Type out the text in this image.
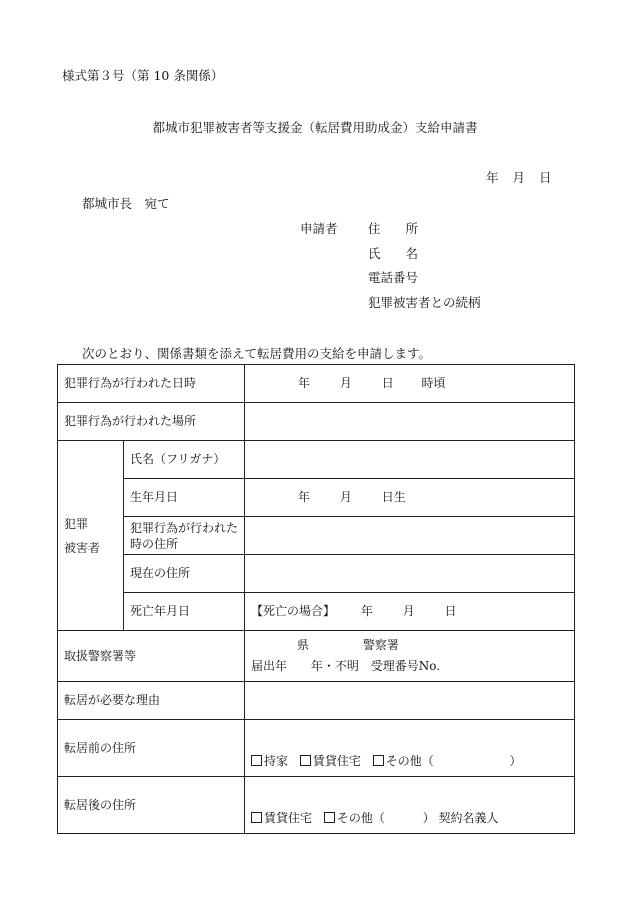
様式第３号（第 10 条関係）
都城市犯罪被害者等支援金（転居費用助成金）支給申請書
年 月 日
都城市長　宛て
申請者 住　　所
氏　　名
電話番号
犯罪被害者との続柄
次のとおり、関係書類を添えて転居費用の支給を申請します。
犯罪行為が行われた日時		年 月 日 時頃
犯罪行為が行われた場所		
犯罪
被害者	氏名（フリガナ）	
	生年月日	年 月 日生
	犯罪行為が行われた時の住所	
	現在の住所	
	死亡年月日	【死亡の場合】 年 月 日
取扱警察署等		県 警察署
届出年 年・不明 受理番号No.

転居が必要な理由		
転居前の住所		持家 賃貸住宅 その他（ ）
転居後の住所		賃貸住宅 その他（ ） 契約名義人
